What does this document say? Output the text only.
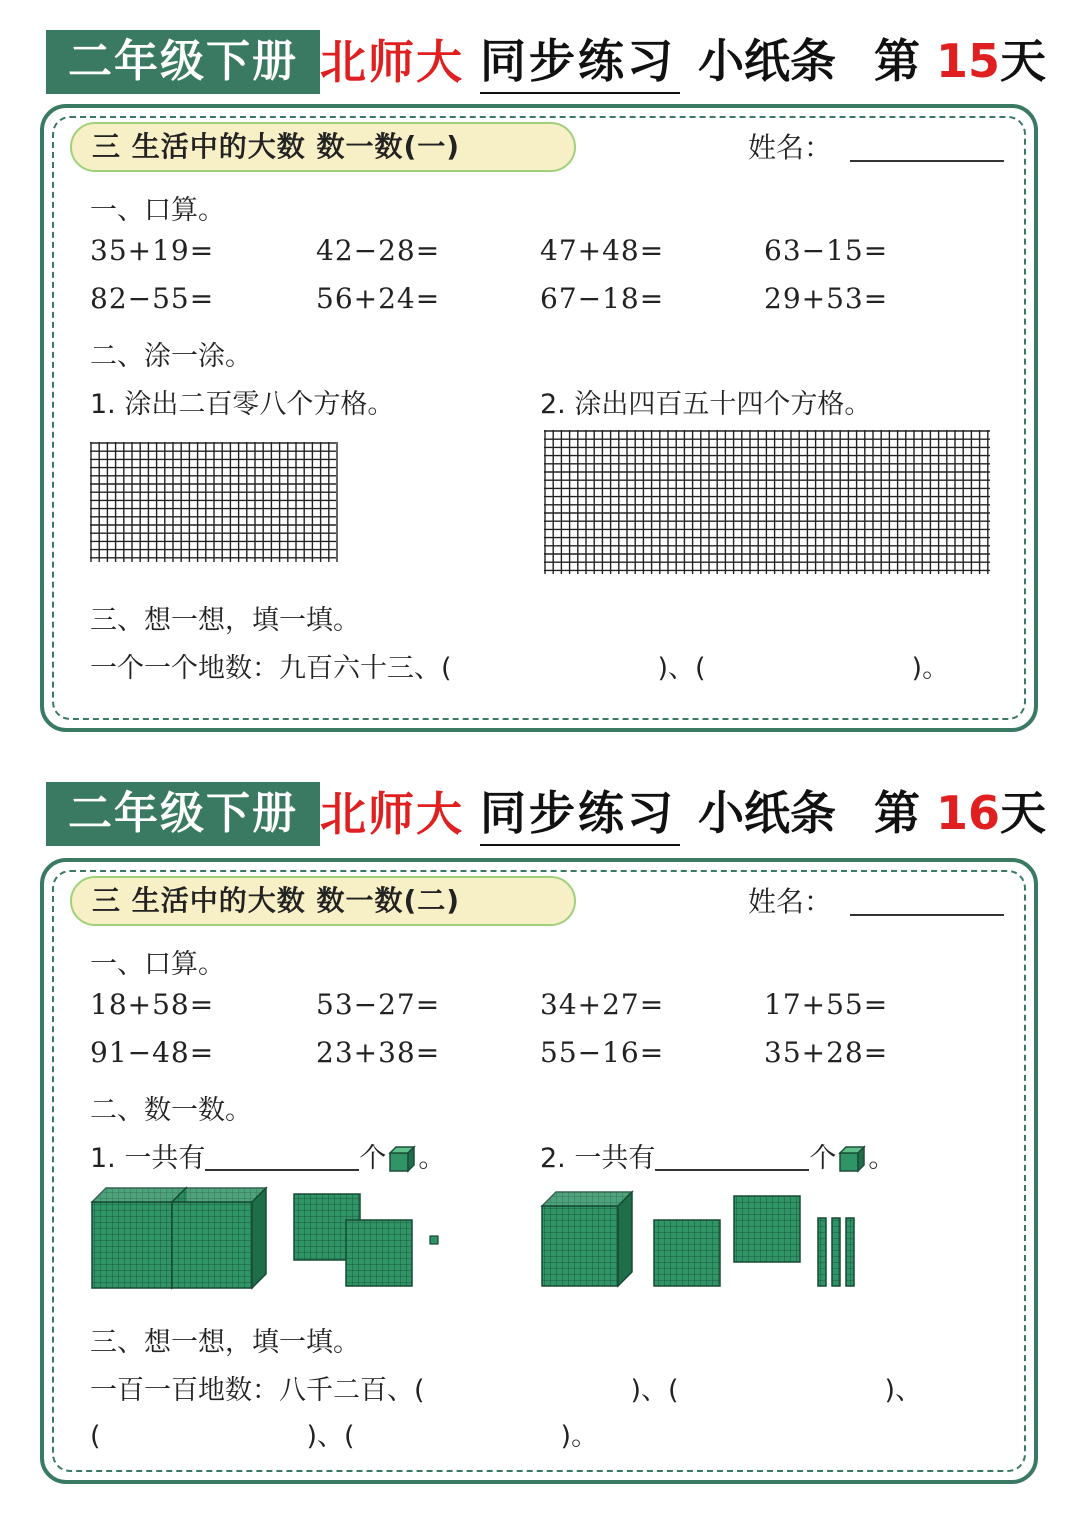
二年级下册 北师大 同步练习 小纸条 第 15天
三 生活中的大数 数一数(一)	姓名：
一、口算。
35+19=	42−28=	47+48=	63−15=
82−55=	56+24=	67−18=	29+53=
二、涂一涂。
1. 涂出二百零八个方格。	2. 涂出四百五十四个方格。
三、想一想，填一填。
一个一个地数：九百六十三、(                        )、(                        )。
二年级下册 北师大 同步练习 小纸条 第 16天
三 生活中的大数 数一数(二)	姓名：
一、口算。
18+58=	53−27=	34+27=	17+55=
91−48=	23+38=	55−16=	35+28=
二、数一数。
1. 一共有	个 。	2. 一共有	个 。
三、想一想，填一填。
一百一百地数：八千二百、(                        )、(                        )、
(                        )、(                        )。
